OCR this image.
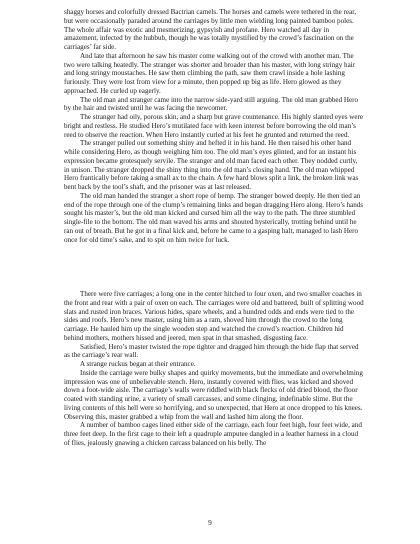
shaggy horses and colorfully dressed Bactrian camels. The horses and camels were tethered in the rear, but were occasionally paraded around the carriages by little men wielding long painted bamboo poles. The whole affair was exotic and mesmerizing, gypsyish and profane. Hero watched all day in amazement, infected by the hubbub, though he was totally mystified by the crowd’s fascination on the carriages’ far side.

And late that afternoon he saw his master come walking out of the crowd with another man. The two were talking heatedly. The stranger was shorter and broader than his master, with long stringy hair and long stringy moustaches. He saw them climbing the path, saw them crawl inside a hole lashing furiously. They were lost from view for a minute, then popped up big as life. Hero glowed as they approached. He curled up eagerly.

The old man and stranger came into the narrow side-yard still arguing. The old man grabbed Hero by the hair and twisted until he was facing the newcomer.

The stranger had oily, porous skin, and a sharp but grave countenance. His highly slanted eyes were bright and restless. He studied Hero’s mutilated face with keen interest before borrowing the old man’s reed to observe the reaction. When Hero instantly curled at his feet he grunted and returned the reed.

The stranger pulled out something shiny and hefted it in his hand. He then raised his other hand while considering Hero, as though weighing him too. The old man’s eyes glinted, and for an instant his expression became grotesquely servile. The stranger and old man faced each other. They nodded curtly, in unison. The stranger dropped the shiny thing into the old man’s closing hand. The old man whipped Hero frantically before taking a small ax to the chain. A few hard blows split a link, the broken link was bent back by the tool’s shaft, and the prisoner was at last released.

The old man handed the stranger a short rope of hemp. The stranger bowed deeply. He then tied an end of the rope through one of the clump’s remaining links and began dragging Hero along. Hero’s hands sought his master’s, but the old man kicked and cursed him all the way to the path. The three stumbled single-file to the bottom. The old man waved his arms and shouted hysterically, trotting behind until he ran out of breath. But he got in a final kick and, before he came to a gasping halt, managed to lash Hero once for old time’s sake, and to spit on him twice for luck.

There were five carriages; a long one in the center hitched to four oxen, and two smaller coaches in the front and rear with a pair of oxen on each. The carriages were old and battered, built of splitting wood slats and rusted iron braces. Various hides, spare wheels, and a hundred odds and ends were tied to the sides and roofs. Hero’s new master, using him as a ram, shoved him through the crowd to the long carriage. He hauled him up the single wooden step and watched the crowd’s reaction. Children hid behind mothers, mothers hissed and jeered, men spat in that smashed, disgusting face.

Satisfied, Hero’s master twisted the rope tighter and dragged him through the hide flap that served as the carriage’s rear wall.

A strange ruckus began at their entrance.

Inside the carriage were bulky shapes and quirky movements, but the immediate and overwhelming impression was one of unbelievable stench. Hero, instantly covered with flies, was kicked and shoved down a foot-wide aisle. The carriage’s walls were riddled with black flecks of old dried blood, the floor coated with standing urine, a variety of small carcasses, and some clinging, indefinable slime. But the living contents of this hell were so horrifying, and so unexpected, that Hero at once dropped to his knees. Observing this, master grabbed a whip from the wall and lashed him along the floor.

A number of bamboo cages lined either side of the carriage, each four feet high, four feet wide, and three feet deep. In the first cage to their left a quadruple amputee dangled in a leather harness in a cloud of flies, jealously gnawing a chicken carcass balanced on his belly. The

9
